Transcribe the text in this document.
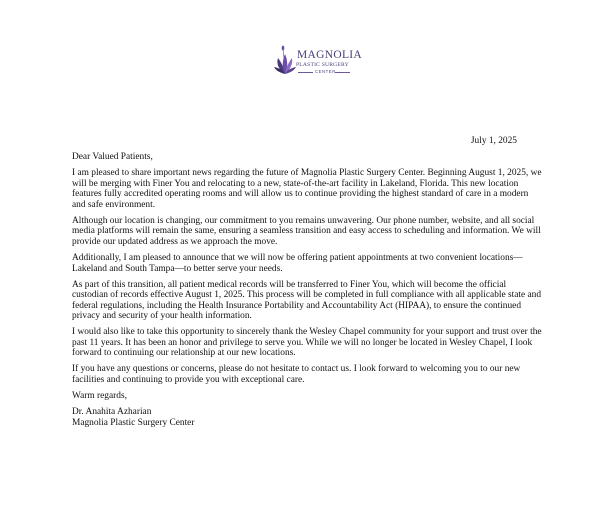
MAGNOLIA
PLASTIC SURGERY
CENTER
July 1, 2025

Dear Valued Patients,

I am pleased to share important news regarding the future of Magnolia Plastic Surgery Center. Beginning August 1, 2025, we will be merging with Finer You and relocating to a new, state-of-the-art facility in Lakeland, Florida. This new location features fully accredited operating rooms and will allow us to continue providing the highest standard of care in a modern and safe environment.

Although our location is changing, our commitment to you remains unwavering. Our phone number, website, and all social media platforms will remain the same, ensuring a seamless transition and easy access to scheduling and information. We will provide our updated address as we approach the move.

Additionally, I am pleased to announce that we will now be offering patient appointments at two convenient locations—Lakeland and South Tampa—to better serve your needs.

As part of this transition, all patient medical records will be transferred to Finer You, which will become the official custodian of records effective August 1, 2025. This process will be completed in full compliance with all applicable state and federal regulations, including the Health Insurance Portability and Accountability Act (HIPAA), to ensure the continued privacy and security of your health information.

I would also like to take this opportunity to sincerely thank the Wesley Chapel community for your support and trust over the past 11 years. It has been an honor and privilege to serve you. While we will no longer be located in Wesley Chapel, I look forward to continuing our relationship at our new locations.

If you have any questions or concerns, please do not hesitate to contact us. I look forward to welcoming you to our new facilities and continuing to provide you with exceptional care.

Warm regards,

Dr. Anahita Azharian

Magnolia Plastic Surgery Center
